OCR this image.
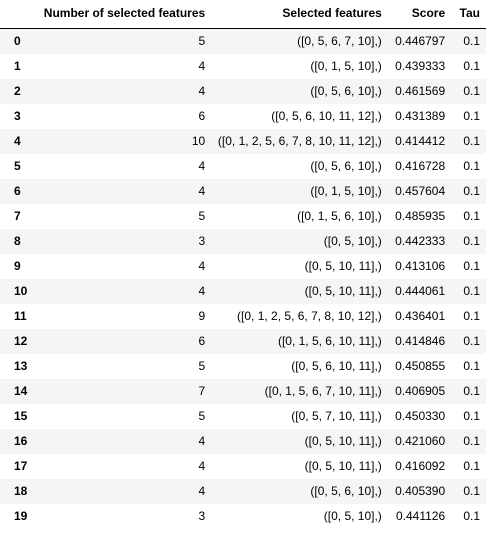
	Number of selected features	Selected features	Score	Tau
0	5	([0, 5, 6, 7, 10],)	0.446797	0.1
1	4	([0, 1, 5, 10],)	0.439333	0.1
2	4	([0, 5, 6, 10],)	0.461569	0.1
3	6	([0, 5, 6, 10, 11, 12],)	0.431389	0.1
4	10	([0, 1, 2, 5, 6, 7, 8, 10, 11, 12],)	0.414412	0.1
5	4	([0, 5, 6, 10],)	0.416728	0.1
6	4	([0, 1, 5, 10],)	0.457604	0.1
7	5	([0, 1, 5, 6, 10],)	0.485935	0.1
8	3	([0, 5, 10],)	0.442333	0.1
9	4	([0, 5, 10, 11],)	0.413106	0.1
10	4	([0, 5, 10, 11],)	0.444061	0.1
11	9	([0, 1, 2, 5, 6, 7, 8, 10, 12],)	0.436401	0.1
12	6	([0, 1, 5, 6, 10, 11],)	0.414846	0.1
13	5	([0, 5, 6, 10, 11],)	0.450855	0.1
14	7	([0, 1, 5, 6, 7, 10, 11],)	0.406905	0.1
15	5	([0, 5, 7, 10, 11],)	0.450330	0.1
16	4	([0, 5, 10, 11],)	0.421060	0.1
17	4	([0, 5, 10, 11],)	0.416092	0.1
18	4	([0, 5, 6, 10],)	0.405390	0.1
19	3	([0, 5, 10],)	0.441126	0.1
